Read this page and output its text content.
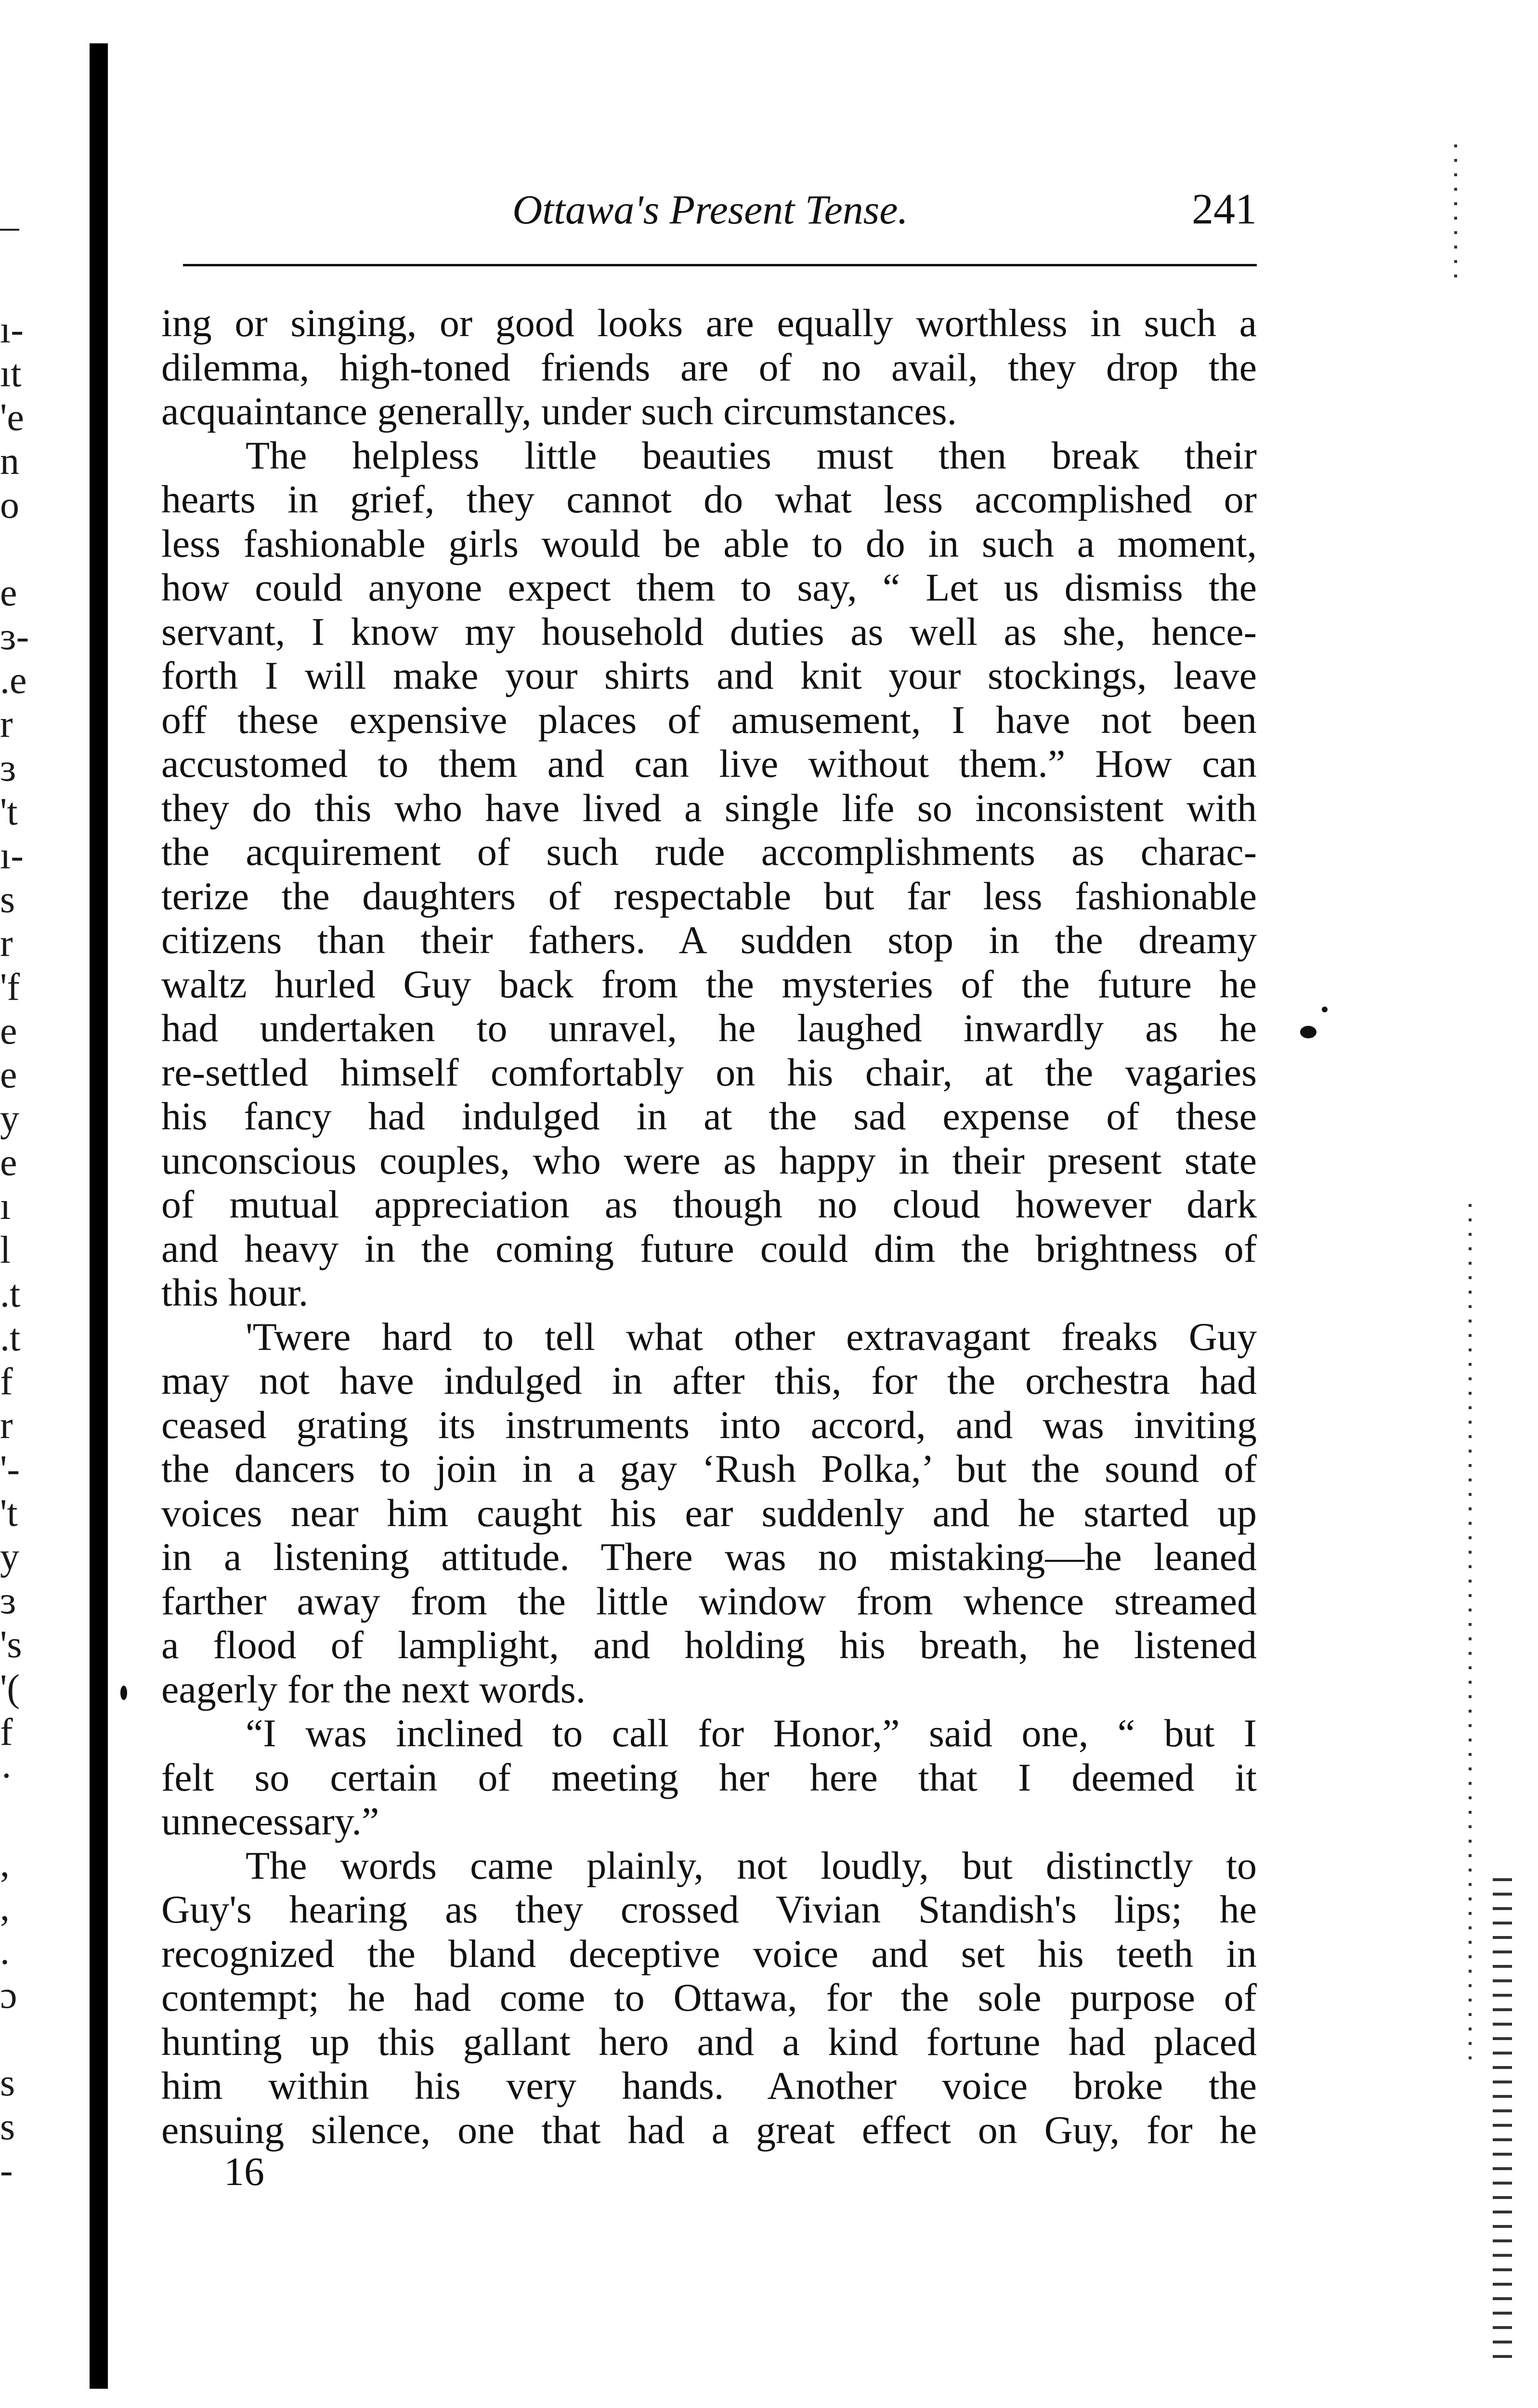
ı-
ıt
'e
n
o
e
ɜ-
.e
r
ɜ
't
ı-
s
r
'f
e
e
y
e
ı
l
.t
.t
f
r
'-
't
y
ɜ
's
'(
f
·
,
,
.
ɔ
s
s
-
Ottawa's Present Tense.	241
ing or singing, or good looks are equally worthless in such a
dilemma, high-toned friends are of no avail, they drop the
acquaintance generally, under such circumstances.
The helpless little beauties must then break their
hearts in grief, they cannot do what less accomplished or
less fashionable girls would be able to do in such a moment,
how could anyone expect them to say, “ Let us dismiss the
servant, I know my household duties as well as she, hence-
forth I will make your shirts and knit your stockings, leave
off these expensive places of amusement, I have not been
accustomed to them and can live without them.” How can
they do this who have lived a single life so inconsistent with
the acquirement of such rude accomplishments as charac-
terize the daughters of respectable but far less fashionable
citizens than their fathers. A sudden stop in the dreamy
waltz hurled Guy back from the mysteries of the future he
had undertaken to unravel, he laughed inwardly as he
re-settled himself comfortably on his chair, at the vagaries
his fancy had indulged in at the sad expense of these
unconscious couples, who were as happy in their present state
of mutual appreciation as though no cloud however dark
and heavy in the coming future could dim the brightness of
this hour.
'Twere hard to tell what other extravagant freaks Guy
may not have indulged in after this, for the orchestra had
ceased grating its instruments into accord, and was inviting
the dancers to join in a gay ‘Rush Polka,’ but the sound of
voices near him caught his ear suddenly and he started up
in a listening attitude. There was no mistaking—he leaned
farther away from the little window from whence streamed
a flood of lamplight, and holding his breath, he listened
eagerly for the next words.
“I was inclined to call for Honor,” said one, “ but I
felt so certain of meeting her here that I deemed it
unnecessary.”
The words came plainly, not loudly, but distinctly to
Guy's hearing as they crossed Vivian Standish's lips; he
recognized the bland deceptive voice and set his teeth in
contempt; he had come to Ottawa, for the sole purpose of
hunting up this gallant hero and a kind fortune had placed
him within his very hands. Another voice broke the
ensuing silence, one that had a great effect on Guy, for he
16
